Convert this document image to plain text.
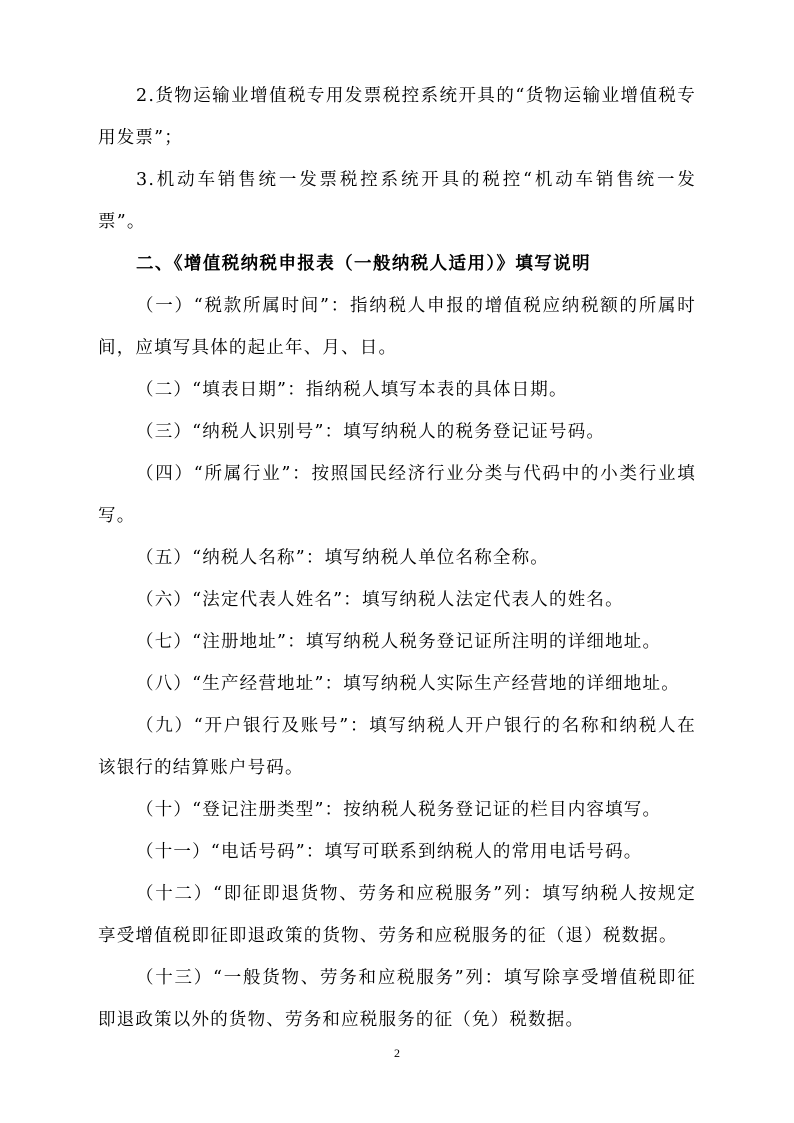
2.货物运输业增值税专用发票税控系统开具的“货物运输业增值税专用发票”；

3.机动车销售统一发票税控系统开具的税控“机动车销售统一发票”。

二、《增值税纳税申报表（一般纳税人适用）》填写说明

（一）“税款所属时间”：指纳税人申报的增值税应纳税额的所属时间，应填写具体的起止年、月、日。

（二）“填表日期”：指纳税人填写本表的具体日期。

（三）“纳税人识别号”：填写纳税人的税务登记证号码。

（四）“所属行业”：按照国民经济行业分类与代码中的小类行业填写。

（五）“纳税人名称”：填写纳税人单位名称全称。

（六）“法定代表人姓名”：填写纳税人法定代表人的姓名。

（七）“注册地址”：填写纳税人税务登记证所注明的详细地址。

（八）“生产经营地址”：填写纳税人实际生产经营地的详细地址。

（九）“开户银行及账号”：填写纳税人开户银行的名称和纳税人在该银行的结算账户号码。

（十）“登记注册类型”：按纳税人税务登记证的栏目内容填写。

（十一）“电话号码”：填写可联系到纳税人的常用电话号码。

（十二）“即征即退货物、劳务和应税服务”列：填写纳税人按规定享受增值税即征即退政策的货物、劳务和应税服务的征（退）税数据。

（十三）“一般货物、劳务和应税服务”列：填写除享受增值税即征即退政策以外的货物、劳务和应税服务的征（免）税数据。

2
